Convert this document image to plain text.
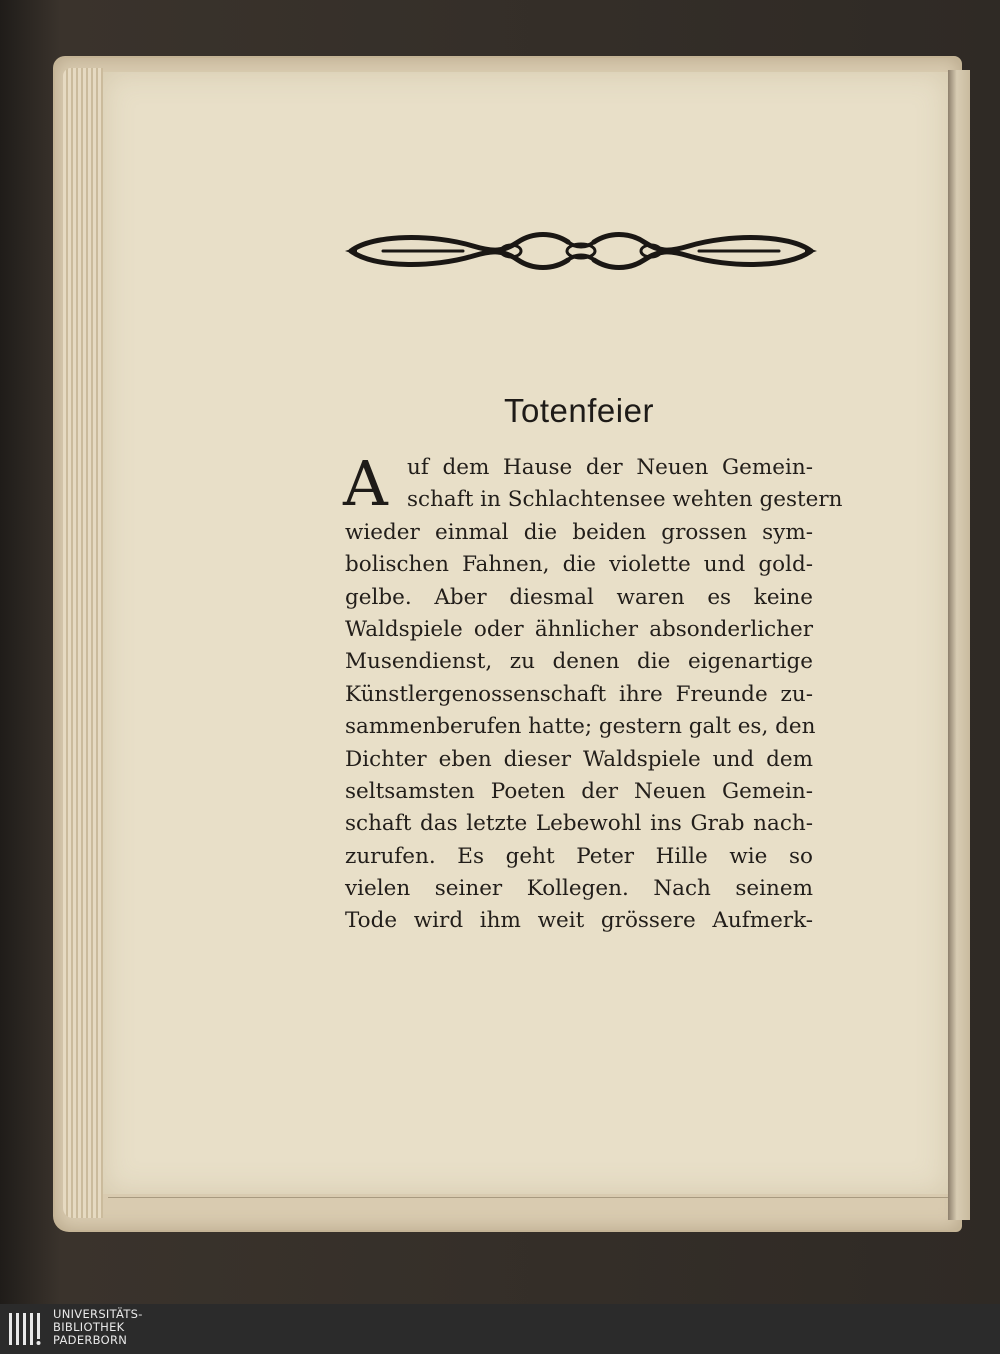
Totenfeier
A uf dem Hause der Neuen Gemein-
schaft in Schlachtensee wehten gestern
wieder einmal die beiden grossen sym-
bolischen Fahnen, die violette und gold-
gelbe. Aber diesmal waren es keine
Waldspiele oder ähnlicher absonderlicher
Musendienst, zu denen die eigenartige
Künstlergenossenschaft ihre Freunde zu-
sammenberufen hatte; gestern galt es, den
Dichter eben dieser Waldspiele und dem
seltsamsten Poeten der Neuen Gemein-
schaft das letzte Lebewohl ins Grab nach-
zurufen. Es geht Peter Hille wie so
vielen seiner Kollegen. Nach seinem
Tode wird ihm weit grössere Aufmerk-
UNIVERSITÄTS-
BIBLIOTHEK
PADERBORN
